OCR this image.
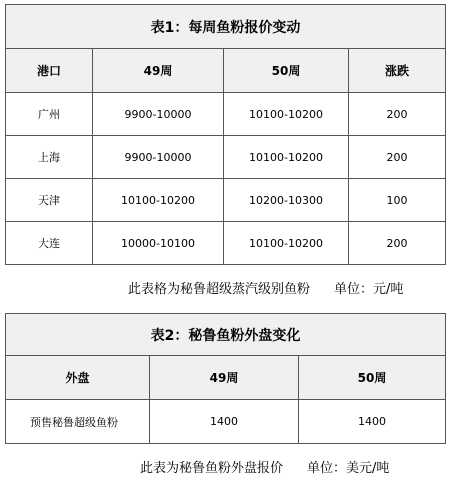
表1：每周鱼粉报价变动			
港口	49周	50周	涨跌
广州	9900-10000	10100-10200	200
上海	9900-10000	10100-10200	200
天津	10100-10200	10200-10300	100
大连	10000-10100	10100-10200	200
此表格为秘鲁超级蒸汽级别鱼粉 单位：元/吨
表2：秘鲁鱼粉外盘变化		
外盘	49周	50周
预售秘鲁超级鱼粉	1400	1400
此表为秘鲁鱼粉外盘报价 单位：美元/吨
